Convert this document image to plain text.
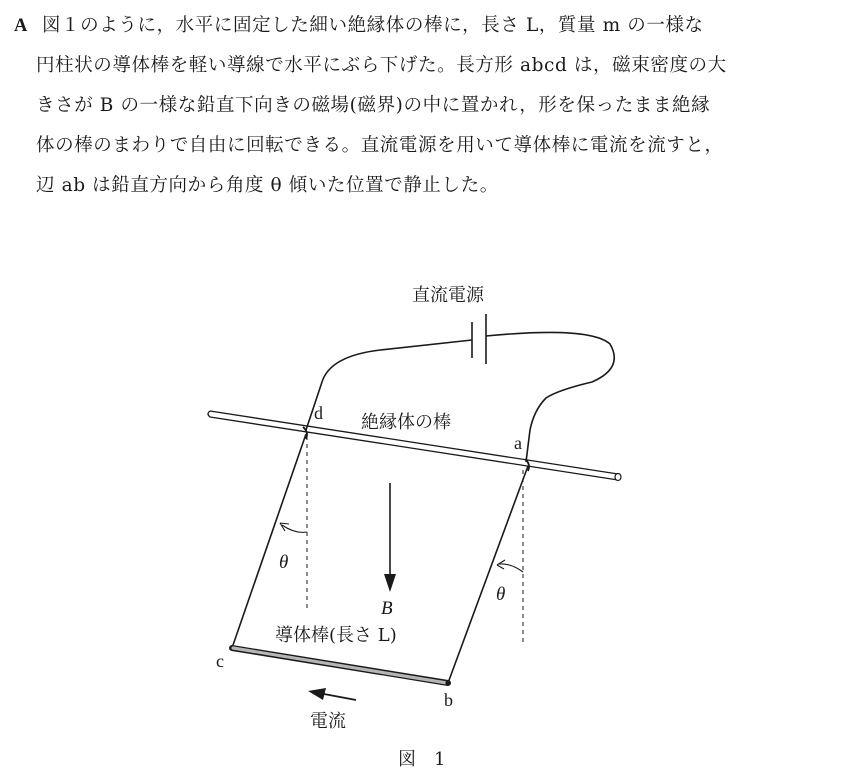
A 図１のように，水平に固定した細い絶縁体の棒に，長さ L，質量 m の一様な
円柱状の導体棒を軽い導線で水平にぶら下げた。長方形 abcd は，磁束密度の大
きさが B の一様な鉛直下向きの磁場(磁界)の中に置かれ，形を保ったまま絶縁
体の棒のまわりで自由に回転できる。直流電源を用いて導体棒に電流を流すと，
辺 ab は鉛直方向から角度 θ 傾いた位置で静止した。
直流電源
絶縁体の棒
d
a
c
b
B
θ
θ
導体棒(長さ L)
電流
図　1
